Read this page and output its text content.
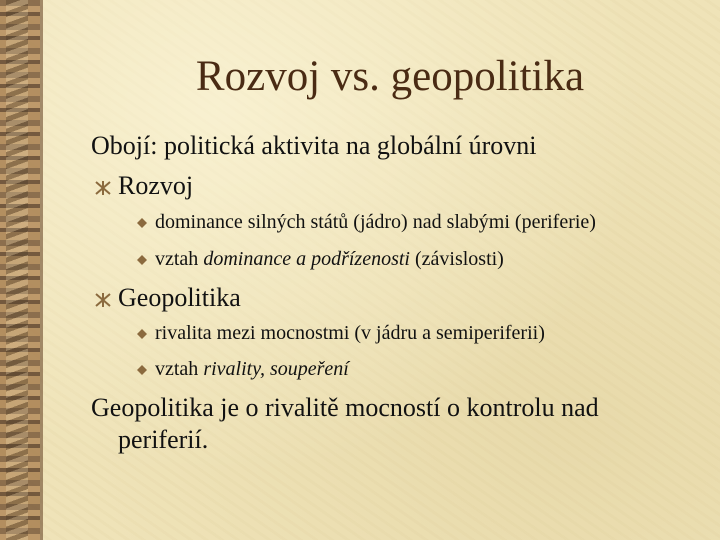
Rozvoj vs. geopolitika
Obojí: politická aktivita na globální úrovni
Rozvoj
dominance silných států (jádro) nad slabými (periferie)
vztah dominance a podřízenosti (závislosti)
Geopolitika
rivalita mezi mocnostmi (v jádru a semiperiferii)
vztah rivality, soupeření
Geopolitika je o rivalitě mocností o kontrolu nad
periferií.
